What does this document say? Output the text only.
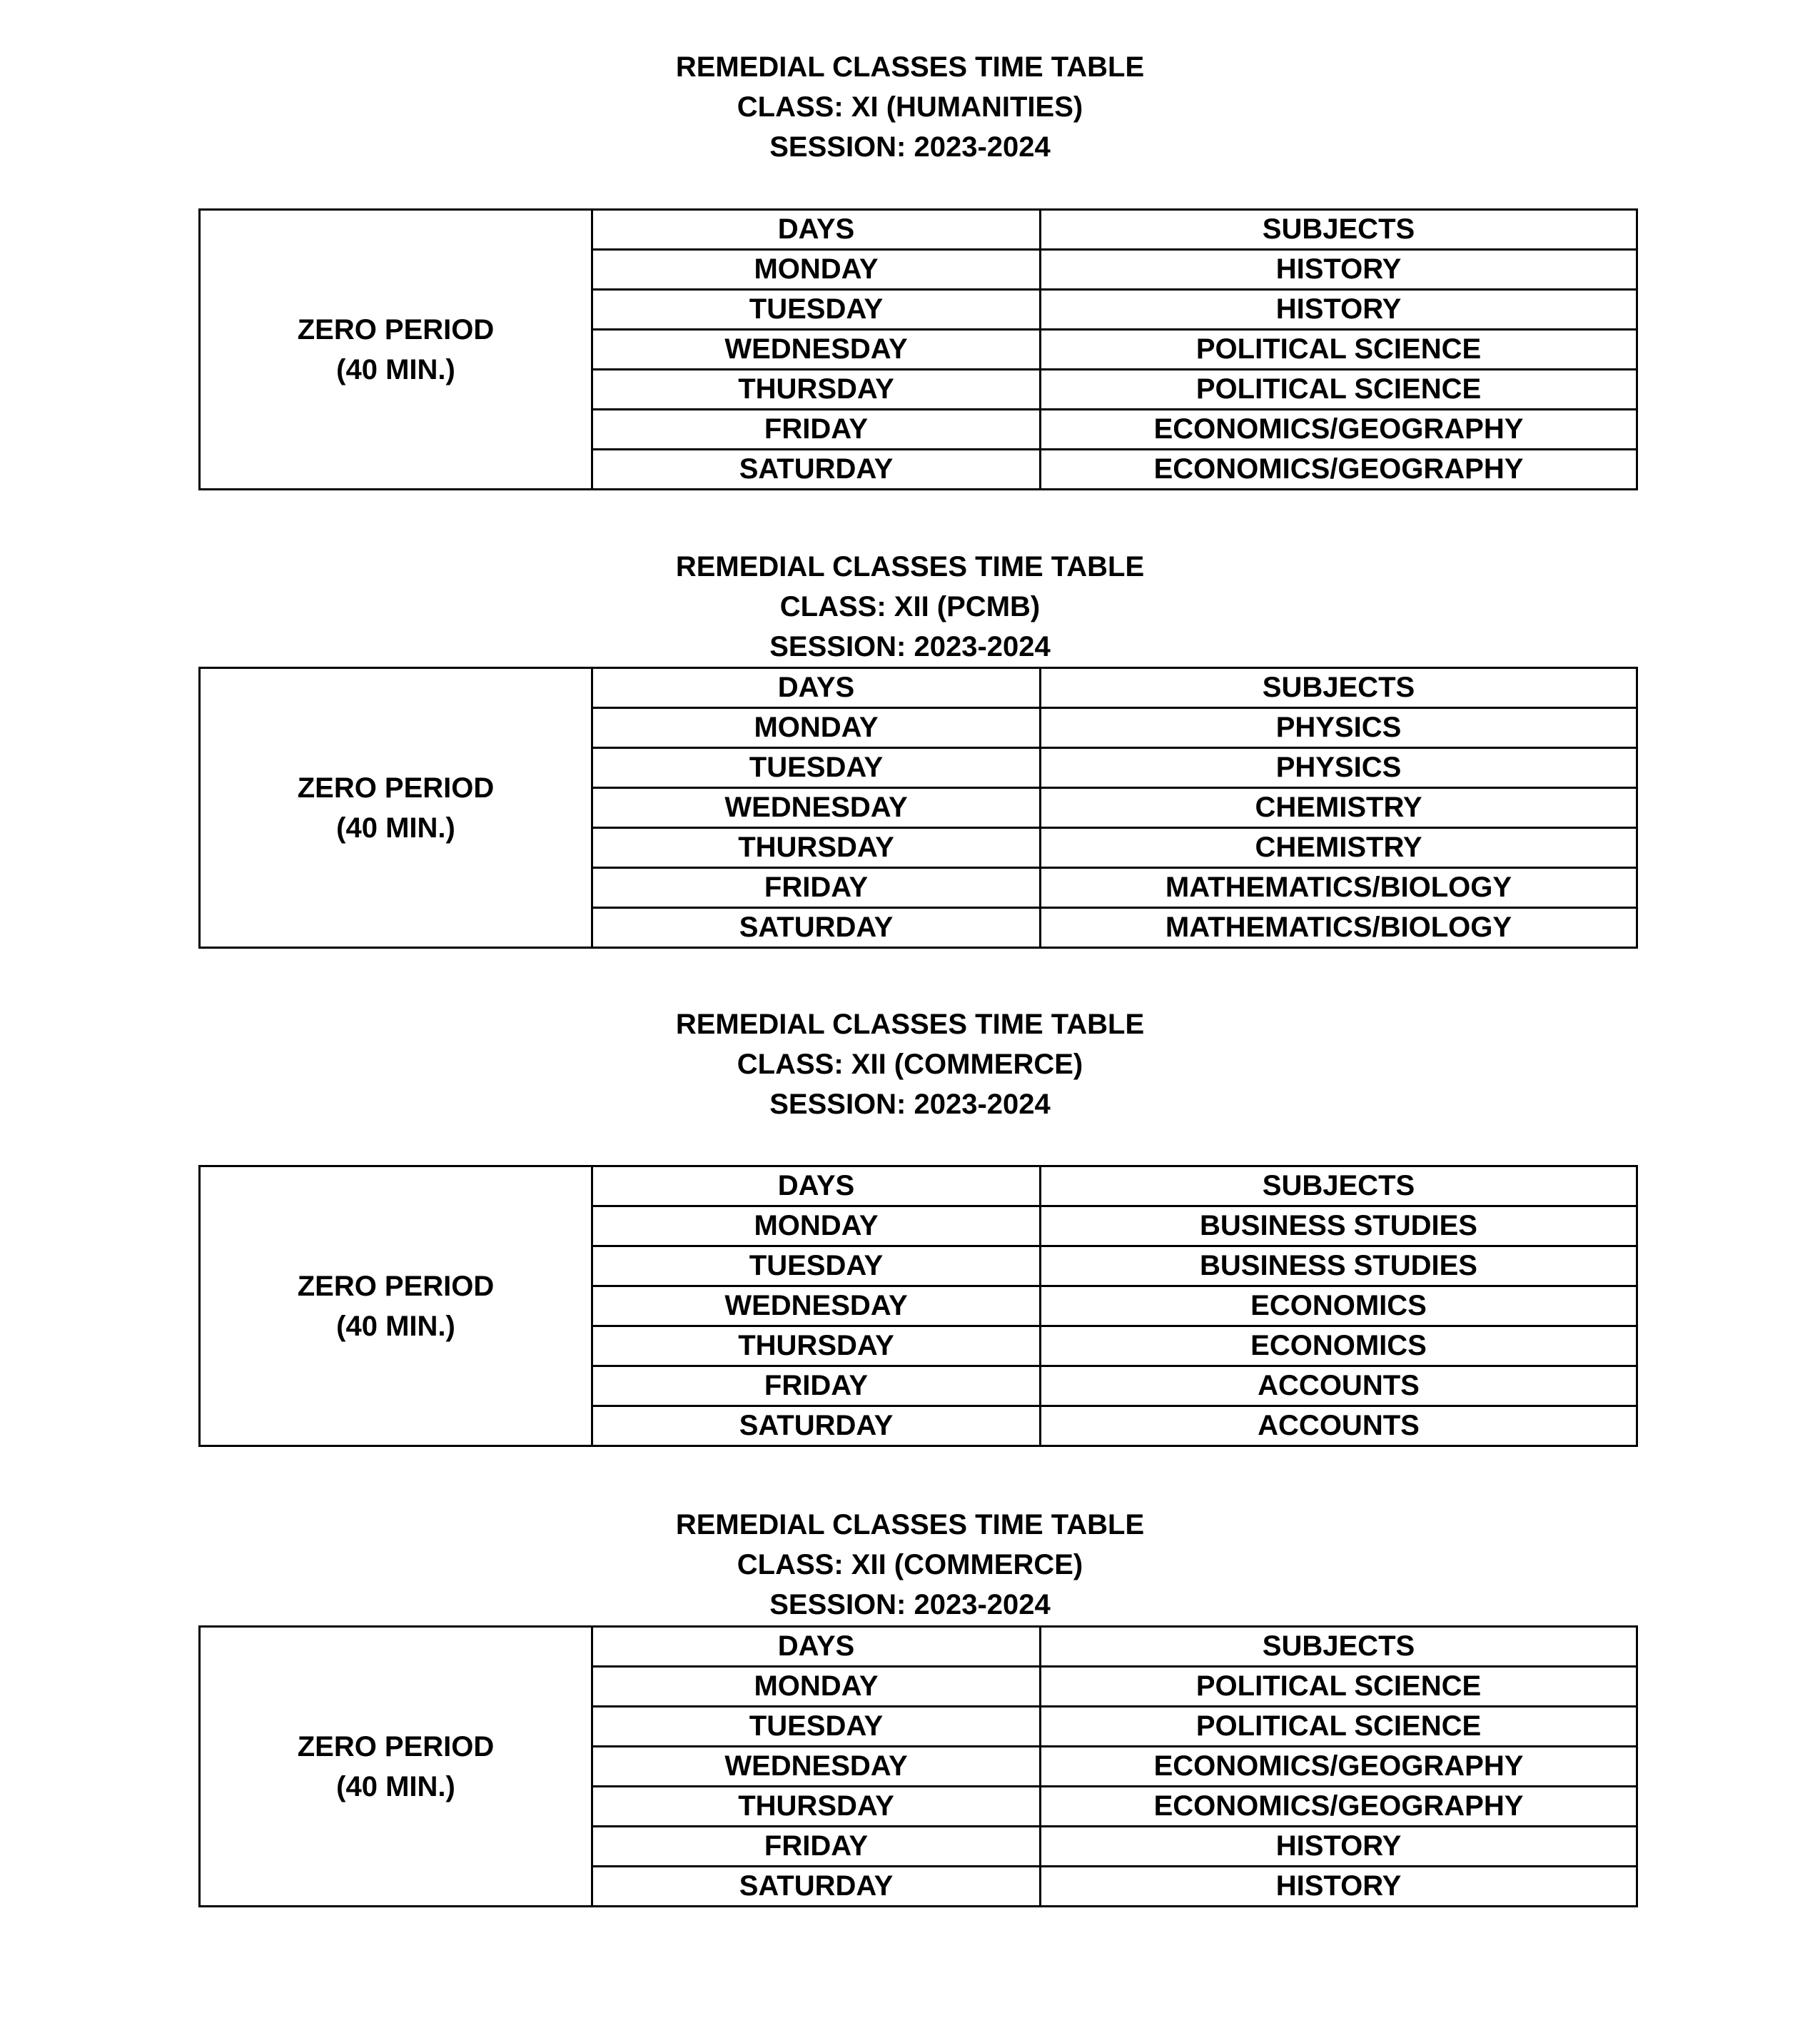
REMEDIAL CLASSES TIME TABLE
CLASS: XI (HUMANITIES)
SESSION: 2023-2024
ZERO PERIOD
(40 MIN.)	DAYS	SUBJECTS
	MONDAY	HISTORY
	TUESDAY	HISTORY
	WEDNESDAY	POLITICAL SCIENCE
	THURSDAY	POLITICAL SCIENCE
	FRIDAY	ECONOMICS/GEOGRAPHY
	SATURDAY	ECONOMICS/GEOGRAPHY
REMEDIAL CLASSES TIME TABLE
CLASS: XII (PCMB)
SESSION: 2023-2024
ZERO PERIOD
(40 MIN.)	DAYS	SUBJECTS
	MONDAY	PHYSICS
	TUESDAY	PHYSICS
	WEDNESDAY	CHEMISTRY
	THURSDAY	CHEMISTRY
	FRIDAY	MATHEMATICS/BIOLOGY
	SATURDAY	MATHEMATICS/BIOLOGY
REMEDIAL CLASSES TIME TABLE
CLASS: XII (COMMERCE)
SESSION: 2023-2024
ZERO PERIOD
(40 MIN.)	DAYS	SUBJECTS
	MONDAY	BUSINESS STUDIES
	TUESDAY	BUSINESS STUDIES
	WEDNESDAY	ECONOMICS
	THURSDAY	ECONOMICS
	FRIDAY	ACCOUNTS
	SATURDAY	ACCOUNTS
REMEDIAL CLASSES TIME TABLE
CLASS: XII (COMMERCE)
SESSION: 2023-2024
ZERO PERIOD
(40 MIN.)	DAYS	SUBJECTS
	MONDAY	POLITICAL SCIENCE
	TUESDAY	POLITICAL SCIENCE
	WEDNESDAY	ECONOMICS/GEOGRAPHY
	THURSDAY	ECONOMICS/GEOGRAPHY
	FRIDAY	HISTORY
	SATURDAY	HISTORY
